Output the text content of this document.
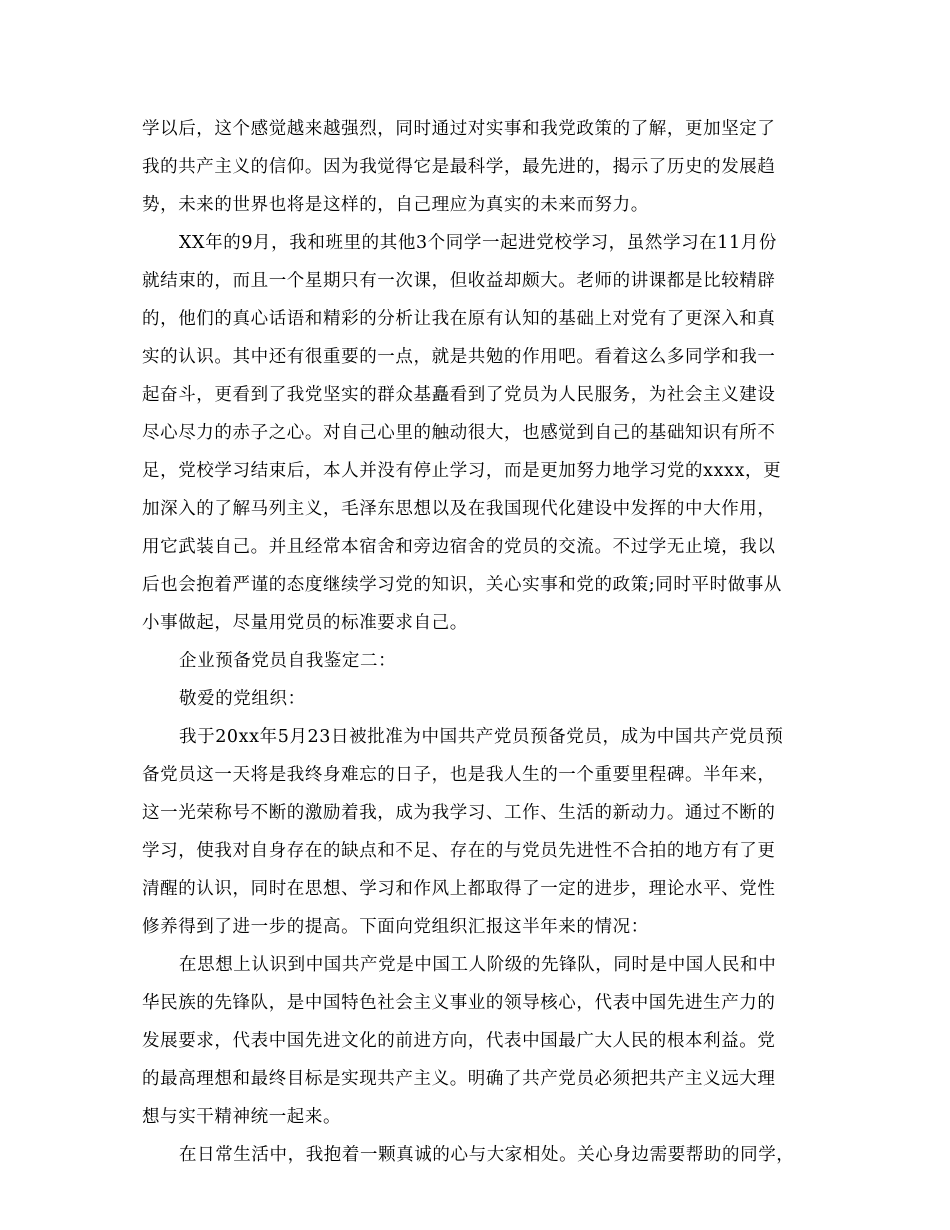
学以后，这个感觉越来越强烈，同时通过对实事和我党政策的了解，更加坚定了
我的共产主义的信仰。因为我觉得它是最科学，最先进的，揭示了历史的发展趋
势，未来的世界也将是这样的，自己理应为真实的未来而努力。
XX年的9月，我和班里的其他3个同学一起进党校学习，虽然学习在11月份
就结束的，而且一个星期只有一次课，但收益却颇大。老师的讲课都是比较精辟
的，他们的真心话语和精彩的分析让我在原有认知的基础上对党有了更深入和真
实的认识。其中还有很重要的一点，就是共勉的作用吧。看着这么多同学和我一
起奋斗，更看到了我党坚实的群众基矗看到了党员为人民服务，为社会主义建设
尽心尽力的赤子之心。对自己心里的触动很大，也感觉到自己的基础知识有所不
足，党校学习结束后，本人并没有停止学习，而是更加努力地学习党的xxxx，更
加深入的了解马列主义，毛泽东思想以及在我国现代化建设中发挥的中大作用，
用它武装自己。并且经常本宿舍和旁边宿舍的党员的交流。不过学无止境，我以
后也会抱着严谨的态度继续学习党的知识，关心实事和党的政策;同时平时做事从
小事做起，尽量用党员的标准要求自己。
企业预备党员自我鉴定二：
敬爱的党组织：
我于20xx年5月23日被批准为中国共产党员预备党员，成为中国共产党员预
备党员这一天将是我终身难忘的日子，也是我人生的一个重要里程碑。半年来，
这一光荣称号不断的激励着我，成为我学习、工作、生活的新动力。通过不断的
学习，使我对自身存在的缺点和不足、存在的与党员先进性不合拍的地方有了更
清醒的认识，同时在思想、学习和作风上都取得了一定的进步，理论水平、党性
修养得到了进一步的提高。下面向党组织汇报这半年来的情况：
在思想上认识到中国共产党是中国工人阶级的先锋队，同时是中国人民和中
华民族的先锋队，是中国特色社会主义事业的领导核心，代表中国先进生产力的
发展要求，代表中国先进文化的前进方向，代表中国最广大人民的根本利益。党
的最高理想和最终目标是实现共产主义。明确了共产党员必须把共产主义远大理
想与实干精神统一起来。
在日常生活中，我抱着一颗真诚的心与大家相处。关心身边需要帮助的同学，
